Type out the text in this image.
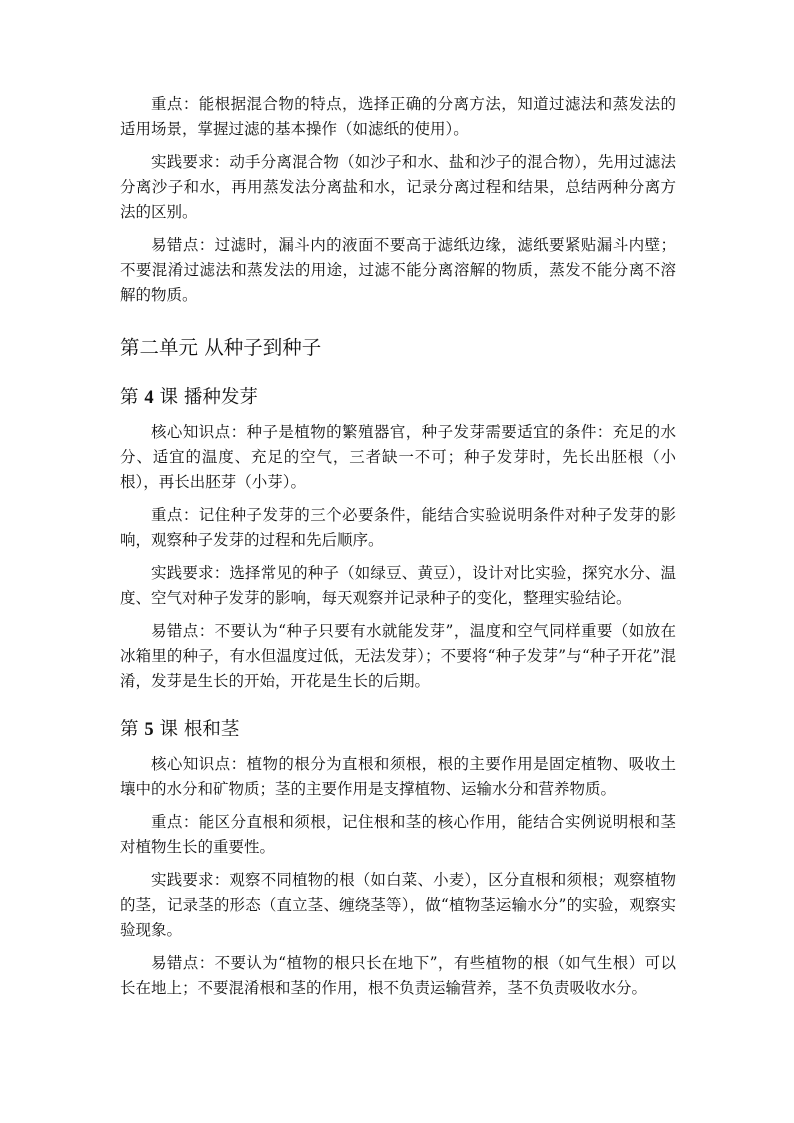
重点：能根据混合物的特点，选择正确的分离方法，知道过滤法和蒸发法的适用场景，掌握过滤的基本操作（如滤纸的使用）。

实践要求：动手分离混合物（如沙子和水、盐和沙子的混合物），先用过滤法分离沙子和水，再用蒸发法分离盐和水，记录分离过程和结果，总结两种分离方法的区别。

易错点：过滤时，漏斗内的液面不要高于滤纸边缘，滤纸要紧贴漏斗内壁；不要混淆过滤法和蒸发法的用途，过滤不能分离溶解的物质，蒸发不能分离不溶解的物质。

第二单元 从种子到种子
第 4 课 播种发芽

核心知识点：种子是植物的繁殖器官，种子发芽需要适宜的条件：充足的水分、适宜的温度、充足的空气，三者缺一不可；种子发芽时，先长出胚根（小根），再长出胚芽（小芽）。

重点：记住种子发芽的三个必要条件，能结合实验说明条件对种子发芽的影响，观察种子发芽的过程和先后顺序。

实践要求：选择常见的种子（如绿豆、黄豆），设计对比实验，探究水分、温度、空气对种子发芽的影响，每天观察并记录种子的变化，整理实验结论。

易错点：不要认为“种子只要有水就能发芽”，温度和空气同样重要（如放在冰箱里的种子，有水但温度过低，无法发芽）；不要将“种子发芽”与“种子开花”混淆，发芽是生长的开始，开花是生长的后期。

第 5 课 根和茎

核心知识点：植物的根分为直根和须根，根的主要作用是固定植物、吸收土壤中的水分和矿物质；茎的主要作用是支撑植物、运输水分和营养物质。

重点：能区分直根和须根，记住根和茎的核心作用，能结合实例说明根和茎对植物生长的重要性。

实践要求：观察不同植物的根（如白菜、小麦），区分直根和须根；观察植物的茎，记录茎的形态（直立茎、缠绕茎等），做“植物茎运输水分”的实验，观察实验现象。

易错点：不要认为“植物的根只长在地下”，有些植物的根（如气生根）可以长在地上；不要混淆根和茎的作用，根不负责运输营养，茎不负责吸收水分。
